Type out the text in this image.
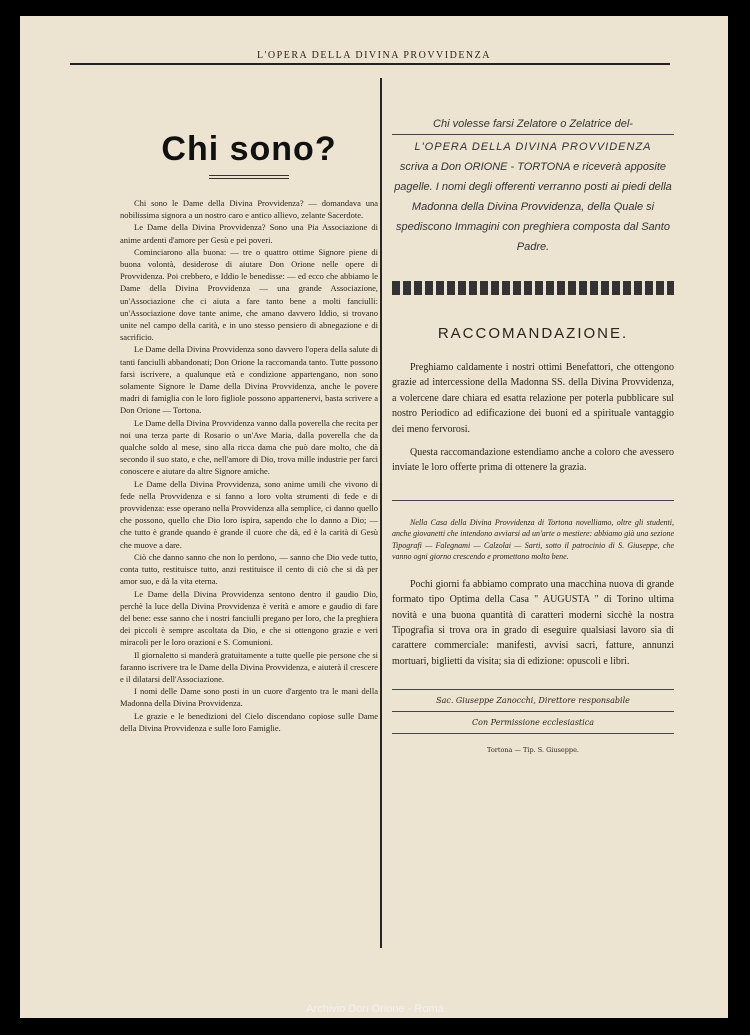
L'OPERA DELLA DIVINA PROVVIDENZA
Chi sono?

Chi sono le Dame della Divina Provvidenza? — domandava una nobilissima signora a un nostro caro e antico allievo, zelante Sacerdote.

Le Dame della Divina Provvidenza? Sono una Pia Associazione di anime ardenti d'amore per Gesù e pei poveri.

Cominciarono alla buona: — tre o quattro ottime Signore piene di buona volontà, desiderose di aiutare Don Orione nelle opere di Provvidenza. Poi crebbero, e Iddio le benedisse: — ed ecco che abbiamo le Dame della Divina Provvidenza — una grande Associazione, un'Associazione che ci aiuta a fare tanto bene a molti fanciulli: un'Associazione dove tante anime, che amano davvero Iddio, si trovano unite nel campo della carità, e in uno stesso pensiero di abnegazione e di sacrificio.

Le Dame della Divina Provvidenza sono davvero l'opera della salute di tanti fanciulli abbandonati; Don Orione la raccomanda tanto. Tutte possono farsi iscrivere, a qualunque età e condizione appartengano, non sono solamente Signore le Dame della Divina Provvidenza, anche le povere madri di famiglia con le loro figliole possono appartenervi, basta scrivere a Don Orione — Tortona.

Le Dame della Divina Provvidenza vanno dalla poverella che recita per noi una terza parte di Rosario o un'Ave Maria, dalla poverella che da qualche soldo al mese, sino alla ricca dama che può dare molto, che dà secondo il suo stato, e che, nell'amore di Dio, trova mille industrie per farci conoscere e aiutare da altre Signore amiche.

Le Dame della Divina Provvidenza, sono anime umili che vivono di fede nella Provvidenza e si fanno a loro volta strumenti di fede e di provvidenza: esse operano nella Provvidenza alla semplice, ci danno quello che possono, quello che Dio loro ispira, sapendo che lo danno a Dio; — che tutto è grande quando è grande il cuore che dà, ed è la carità di Gesù che muove a dare.

Ciò che danno sanno che non lo perdono, — sanno che Dio vede tutto, conta tutto, restituisce tutto, anzi restituisce il cento di ciò che si dà per amor suo, e dà la vita eterna.

Le Dame della Divina Provvidenza sentono dentro il gaudio Dio, perchè la luce della Divina Provvidenza è verità e amore e gaudio di fare del bene: esse sanno che i nostri fanciulli pregano per loro, che la preghiera dei piccoli è sempre ascoltata da Dio, e che si ottengono grazie e veri miracoli per le loro orazioni e S. Comunioni.

Il giornaletto si manderà gratuitamente a tutte quelle pie persone che si faranno iscrivere tra le Dame della Divina Provvidenza, e aiuterà il crescere e il dilatarsi dell'Associazione.

I nomi delle Dame sono posti in un cuore d'argento tra le mani della Madonna della Divina Provvidenza.

Le grazie e le benedizioni del Cielo discendano copiose sulle Dame della Divina Provvidenza e sulle loro Famiglie.

Chi volesse farsi Zelatore o Zelatrice del-
L'OPERA DELLA DIVINA PROVVIDENZA
scriva a Don ORIONE - TORTONA e riceverà apposite pagelle. I nomi degli offerenti verranno posti ai piedi della Madonna della Divina Provvidenza, della Quale si spediscono Immagini con preghiera composta dal Santo Padre.
RACCOMANDAZIONE.

Preghiamo caldamente i nostri ottimi Benefattori, che ottengono grazie ad intercessione della Madonna SS. della Divina Provvidenza, a volercene dare chiara ed esatta relazione per poterla pubblicare sul nostro Periodico ad edificazione dei buoni ed a spirituale vantaggio dei meno fervorosi.

Questa raccomandazione estendiamo anche a coloro che avessero inviate le loro offerte prima di ottenere la grazia.

Nella Casa della Divina Provvidenza di Tortona novelliamo, oltre gli studenti, anche giovanetti che intendono avviarsi ad un'arte o mestiere: abbiamo già una sezione Tipografi — Falegnami — Calzolai — Sarti, sotto il patrocinio di S. Giuseppe, che vanno ogni giorno crescendo e promettono molto bene.

Pochi giorni fa abbiamo comprato una macchina nuova di grande formato tipo Optima della Casa " AUGUSTA " di Torino ultima novità e una buona quantità di caratteri moderni sicchè la nostra Tipografia si trova ora in grado di eseguire qualsiasi lavoro sia di carattere commerciale: manifesti, avvisi sacri, fatture, annunzi mortuari, biglietti da visita; sia di edizione: opuscoli e libri.

Sac. Giuseppe Zanocchi, Direttore responsabile
Con Permissione ecclesiastica
Tortona — Tip. S. Giuseppe.
Archivio Don Orione - Roma
